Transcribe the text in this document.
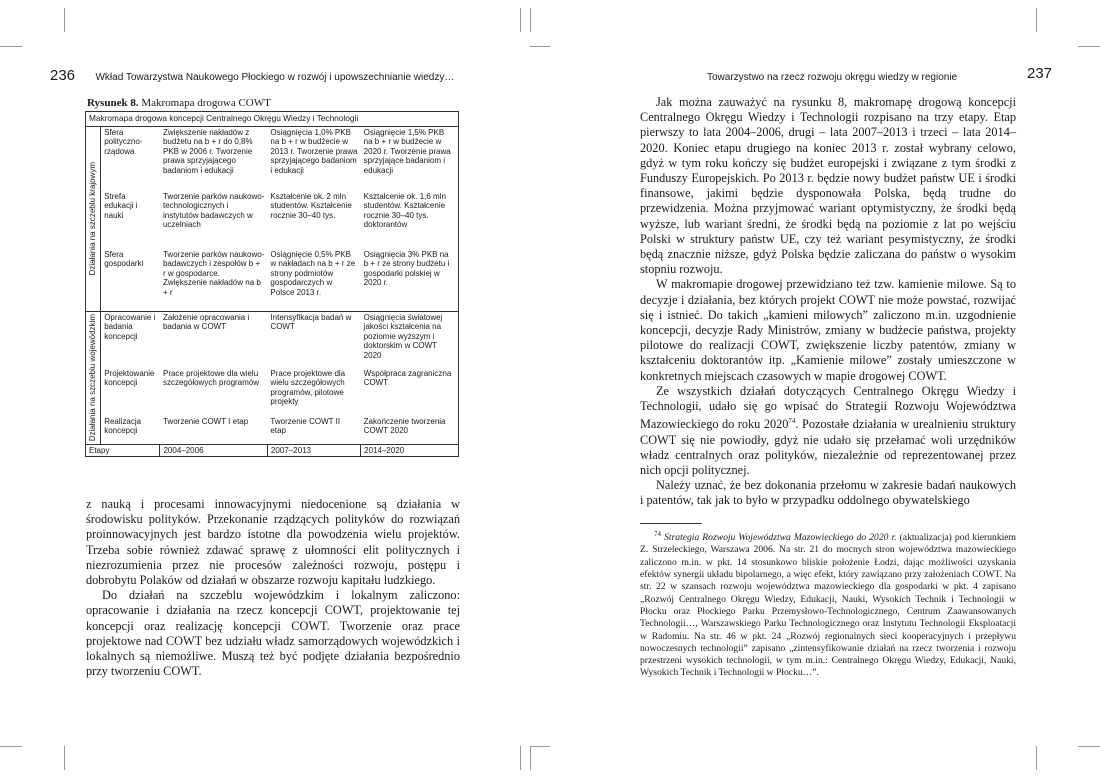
236 Wkład Towarzystwa Naukowego Płockiego w rozwój i upowszechnianie wiedzy…
Rysunek 8. Makromapa drogowa COWT
Makromapa drogowa koncepcji Centralnego Okręgu Wiedzy i Technologii				

Działania na szczeblu krajowym	Sfera polityczno-rządowa	Zwiększenie nakładów z budżetu na b + r do 0,8% PKB w 2006 r. Tworzenie prawa sprzyjającego badaniom i edukacji	Osiągnięcia 1,0% PKB na b + r w budżecie w 2013 r. Tworzenie prawa sprzyjającego badaniom i edukacji	Osiągnięcie 1,5% PKB na b + r w budżecie w 2020 r. Tworzenie prawa sprzyjające badaniom i edukacji
	Strefa edukacji i nauki	Tworzenie parków naukowo-technologicznych i instytutów badawczych w uczelniach	Kształcenie ok. 2 mln studentów. Kształcenie rocznie 30–40 tys.	Kształcenie ok. 1,6 mln studentów. Kształcenie rocznie 30–40 tys. doktorantów
	Sfera gospodarki	Tworzenie parków naukowo-badawczych i zespołów b + r w gospodarce. Zwiększenie nakładów na b + r	Osiągnięcie 0,5% PKB w nakładach na b + r ze strony podmiotów gospodarczych w Polsce 2013 r.	Osiągnięcia 3% PKB na b + r ze strony budżetu i gospodarki polskiej w 2020 r.

Działania na szczeblu wojewódzkim	Opracowanie i badania koncepcji	Założenie opracowania i badania w COWT	Intensyfikacja badań w COWT	Osiągnięcia światowej jakości kształcenia na poziomie wyższym i doktorskim w COWT 2020
	Projektowanie koncepcji	Prace projektowe dla wielu szczegółowych programów	Prace projektowe dla wielu szczegółowych programów, pilotowe projekty	Współpraca zagraniczna COWT
	Realizacja koncepcji	Tworzenie COWT I etap	Tworzenie COWT II etap	Zakończenie tworzenia COWT 2020
Etapy		2004–2006	2007–2013	2014–2020

z nauką i procesami innowacyjnymi niedocenione są działania w środowisku polityków. Przekonanie rządzących polityków do rozwiązań proinnowacyjnych jest bardzo istotne dla powodzenia wielu projektów. Trzeba sobie również zdawać sprawę z ułomności elit politycznych i niezrozumienia przez nie procesów zależności rozwoju, postępu i dobrobytu Polaków od działań w obszarze rozwoju kapitału ludzkiego.

Do działań na szczeblu wojewódzkim i lokalnym zaliczono: opracowanie i działania na rzecz koncepcji COWT, projektowanie tej koncepcji oraz realizację koncepcji COWT. Tworzenie oraz prace projektowe nad COWT bez udziału władz samorządowych wojewódzkich i lokalnych są niemożliwe. Muszą też być podjęte działania bezpośrednio przy tworzeniu COWT.

Towarzystwo na rzecz rozwoju okręgu wiedzy w regionie	237

Jak można zauważyć na rysunku 8, makromapę drogową koncepcji Centralnego Okręgu Wiedzy i Technologii rozpisano na trzy etapy. Etap pierwszy to lata 2004–2006, drugi – lata 2007–2013 i trzeci – lata 2014–2020. Koniec etapu drugiego na koniec 2013 r. został wybrany celowo, gdyż w tym roku kończy się budżet europejski i związane z tym środki z Funduszy Europejskich. Po 2013 r. będzie nowy budżet państw UE i środki finansowe, jakimi będzie dysponowała Polska, będą trudne do przewidzenia. Można przyjmować wariant optymistyczny, że środki będą wyższe, lub wariant średni, że środki będą na poziomie z lat po wejściu Polski w struktury państw UE, czy też wariant pesymistyczny, że środki będą znacznie niższe, gdyż Polska będzie zaliczana do państw o wysokim stopniu rozwoju.

W makromapie drogowej przewidziano też tzw. kamienie milowe. Są to decyzje i działania, bez których projekt COWT nie może powstać, rozwijać się i istnieć. Do takich „kamieni milowych” zaliczono m.in. uzgodnienie koncepcji, decyzje Rady Ministrów, zmiany w budżecie państwa, projekty pilotowe do realizacji COWT, zwiększenie liczby patentów, zmiany w kształceniu doktorantów itp. „Kamienie milowe” zostały umieszczone w konkretnych miejscach czasowych w mapie drogowej COWT.

Ze wszystkich działań dotyczących Centralnego Okręgu Wiedzy i Technologii, udało się go wpisać do Strategii Rozwoju Województwa Mazowieckiego do roku 2020$^{74}$. Pozostałe działania w urealnieniu struktury COWT się nie powiodły, gdyż nie udało się przełamać woli urzędników władz centralnych oraz polityków, niezależnie od reprezentowanej przez nich opcji politycznej.

Należy uznać, że bez dokonania przełomu w zakresie badań naukowych i patentów, tak jak to było w przypadku oddolnego obywatelskiego

$^{74}$ Strategia Rozwoju Województwa Mazowieckiego do 2020 r. (aktualizacja) pod kierunkiem Z. Strzeleckiego, Warszawa 2006. Na str. 21 do mocnych stron województwa mazowieckiego zaliczono m.in. w pkt. 14 stosunkowo bliskie położenie Łodzi, dając możliwości uzyskania efektów synergii układu bipolarnego, a więc efekt, który zawiązano przy założeniach COWT. Na str. 22 w szansach rozwoju województwa mazowieckiego dla gospodarki w pkt. 4 zapisano „Rozwój Centralnego Okręgu Wiedzy, Edukacji, Nauki, Wysokich Technik i Technologii w Płocku oraz Płockiego Parku Przemysłowo-Technologicznego, Centrum Zaawansowanych Technologii…, Warszawskiego Parku Technologicznego oraz Instytutu Technologii Eksploatacji w Radomiu. Na str. 46 w pkt. 24 „Rozwój regionalnych sieci kooperacyjnych i przepływu nowoczesnych technologii” zapisano „zintensyfikowanie działań na rzecz tworzenia i rozwoju przestrzeni wysokich technologii, w tym m.in.: Centralnego Okręgu Wiedzy, Edukacji, Nauki, Wysokich Technik i Technologii w Płocku…”.
